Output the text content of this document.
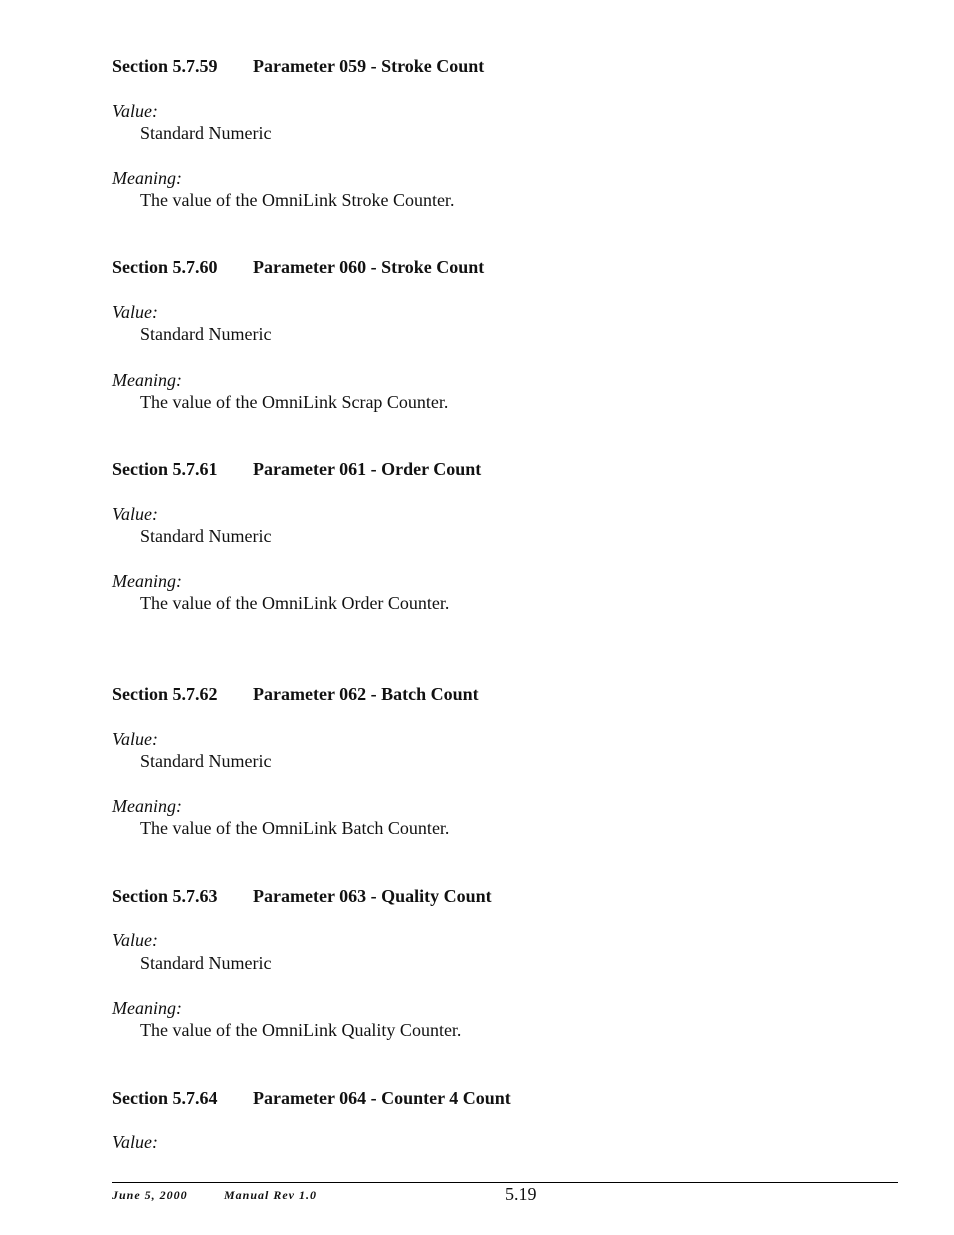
Section 5.7.59 Parameter 059 - Stroke Count
Value:
Standard Numeric
Meaning:
The value of the OmniLink Stroke Counter.
Section 5.7.60 Parameter 060 - Stroke Count
Value:
Standard Numeric
Meaning:
The value of the OmniLink Scrap Counter.
Section 5.7.61 Parameter 061 - Order Count
Value:
Standard Numeric
Meaning:
The value of the OmniLink Order Counter.
Section 5.7.62 Parameter 062 - Batch Count
Value:
Standard Numeric
Meaning:
The value of the OmniLink Batch Counter.
Section 5.7.63 Parameter 063 - Quality Count
Value:
Standard Numeric
Meaning:
The value of the OmniLink Quality Counter.
Section 5.7.64 Parameter 064 - Counter 4 Count
Value:
June 5, 2000	Manual Rev 1.0	5.19
